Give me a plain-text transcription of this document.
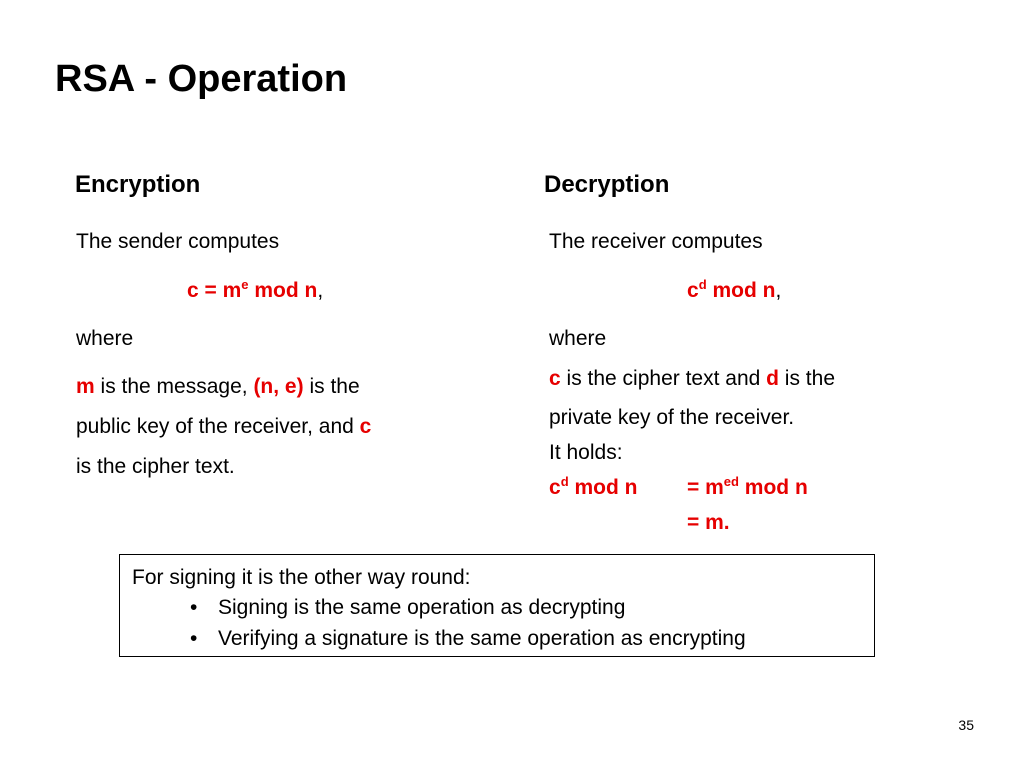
RSA - Operation
Encryption
The sender computes
$c = m^e$ mod n,
where
m is the message, (n, e) is the
public key of the receiver, and c
is the cipher text.
Decryption
The receiver computes
$c^d$ mod n,
where
c is the cipher text and d is the
private key of the receiver.
It holds:
$c^d$ mod $n = m^{ed}$ mod n
= m.
For signing it is the other way round:
• Signing is the same operation as decrypting
• Verifying a signature is the same operation as encrypting
35
